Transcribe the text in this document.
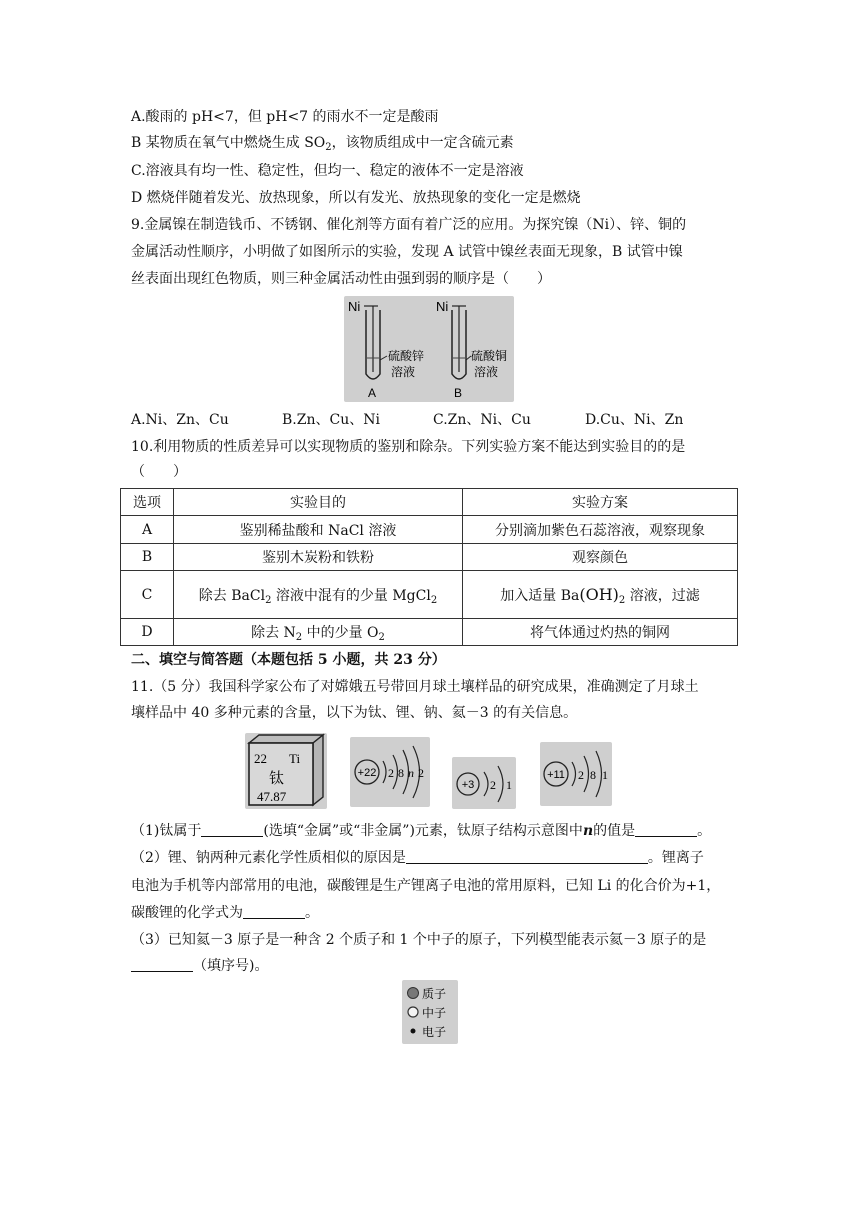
A.酸雨的 pH<7，但 pH<7 的雨水不一定是酸雨
B 某物质在氧气中燃烧生成 $SO_2$，该物质组成中一定含硫元素
C.溶液具有均一性、稳定性，但均一、稳定的液体不一定是溶液
D 燃烧伴随着发光、放热现象，所以有发光、放热现象的变化一定是燃烧
9.金属镍在制造钱币、不锈钢、催化剂等方面有着广泛的应用。为探究镍（Ni）、锌、铜的
金属活动性顺序，小明做了如图所示的实验，发现 A 试管中镍丝表面无现象，B 试管中镍
丝表面出现红色物质，则三种金属活动性由强到弱的顺序是（　　）
Ni
硫酸锌
溶液
A
Ni
硫酸铜
溶液
B
A.Ni、Zn、Cu	B.Zn、Cu、Ni	C.Zn、Ni、Cu	D.Cu、Ni、Zn
10.利用物质的性质差异可以实现物质的鉴别和除杂。下列实验方案不能达到实验目的的是
（　　）
选项	实验目的	实验方案
A	鉴别稀盐酸和 NaCl 溶液	分别滴加紫色石蕊溶液，观察现象
B	鉴别木炭粉和铁粉	观察颜色
C	除去 BaCl$_2$ 溶液中混有的少量 MgCl$_2$	加入适量 $Ba(OH)_2$ 溶液，过滤
D	除去 $N_2$ 中的少量 $O_2$	将气体通过灼热的铜网
二、填空与简答题（本题包括 5 小题，共 23 分）
11.（5 分）我国科学家公布了对嫦娥五号带回月球土壤样品的研究成果，准确测定了月球土
壤样品中 40 多种元素的含量，以下为钛、锂、钠、氦－3 的有关信息。
22 Ti
钛
47.87
+22 2 8 n 2
+3 2 1
+11 2 8 1
（1)钛属于	(选填“金属”或“非金属”)元素，钛原子结构示意图中n的值是	。
（2）锂、钠两种元素化学性质相似的原因是	。锂离子
电池为手机等内部常用的电池，碳酸锂是生产锂离子电池的常用原料，已知 Li 的化合价为+1，
碳酸锂的化学式为	。
（3）已知氦－3 原子是一种含 2 个质子和 1 个中子的原子，下列模型能表示氦－3 原子的是
（填序号)。
质子
中子
电子
